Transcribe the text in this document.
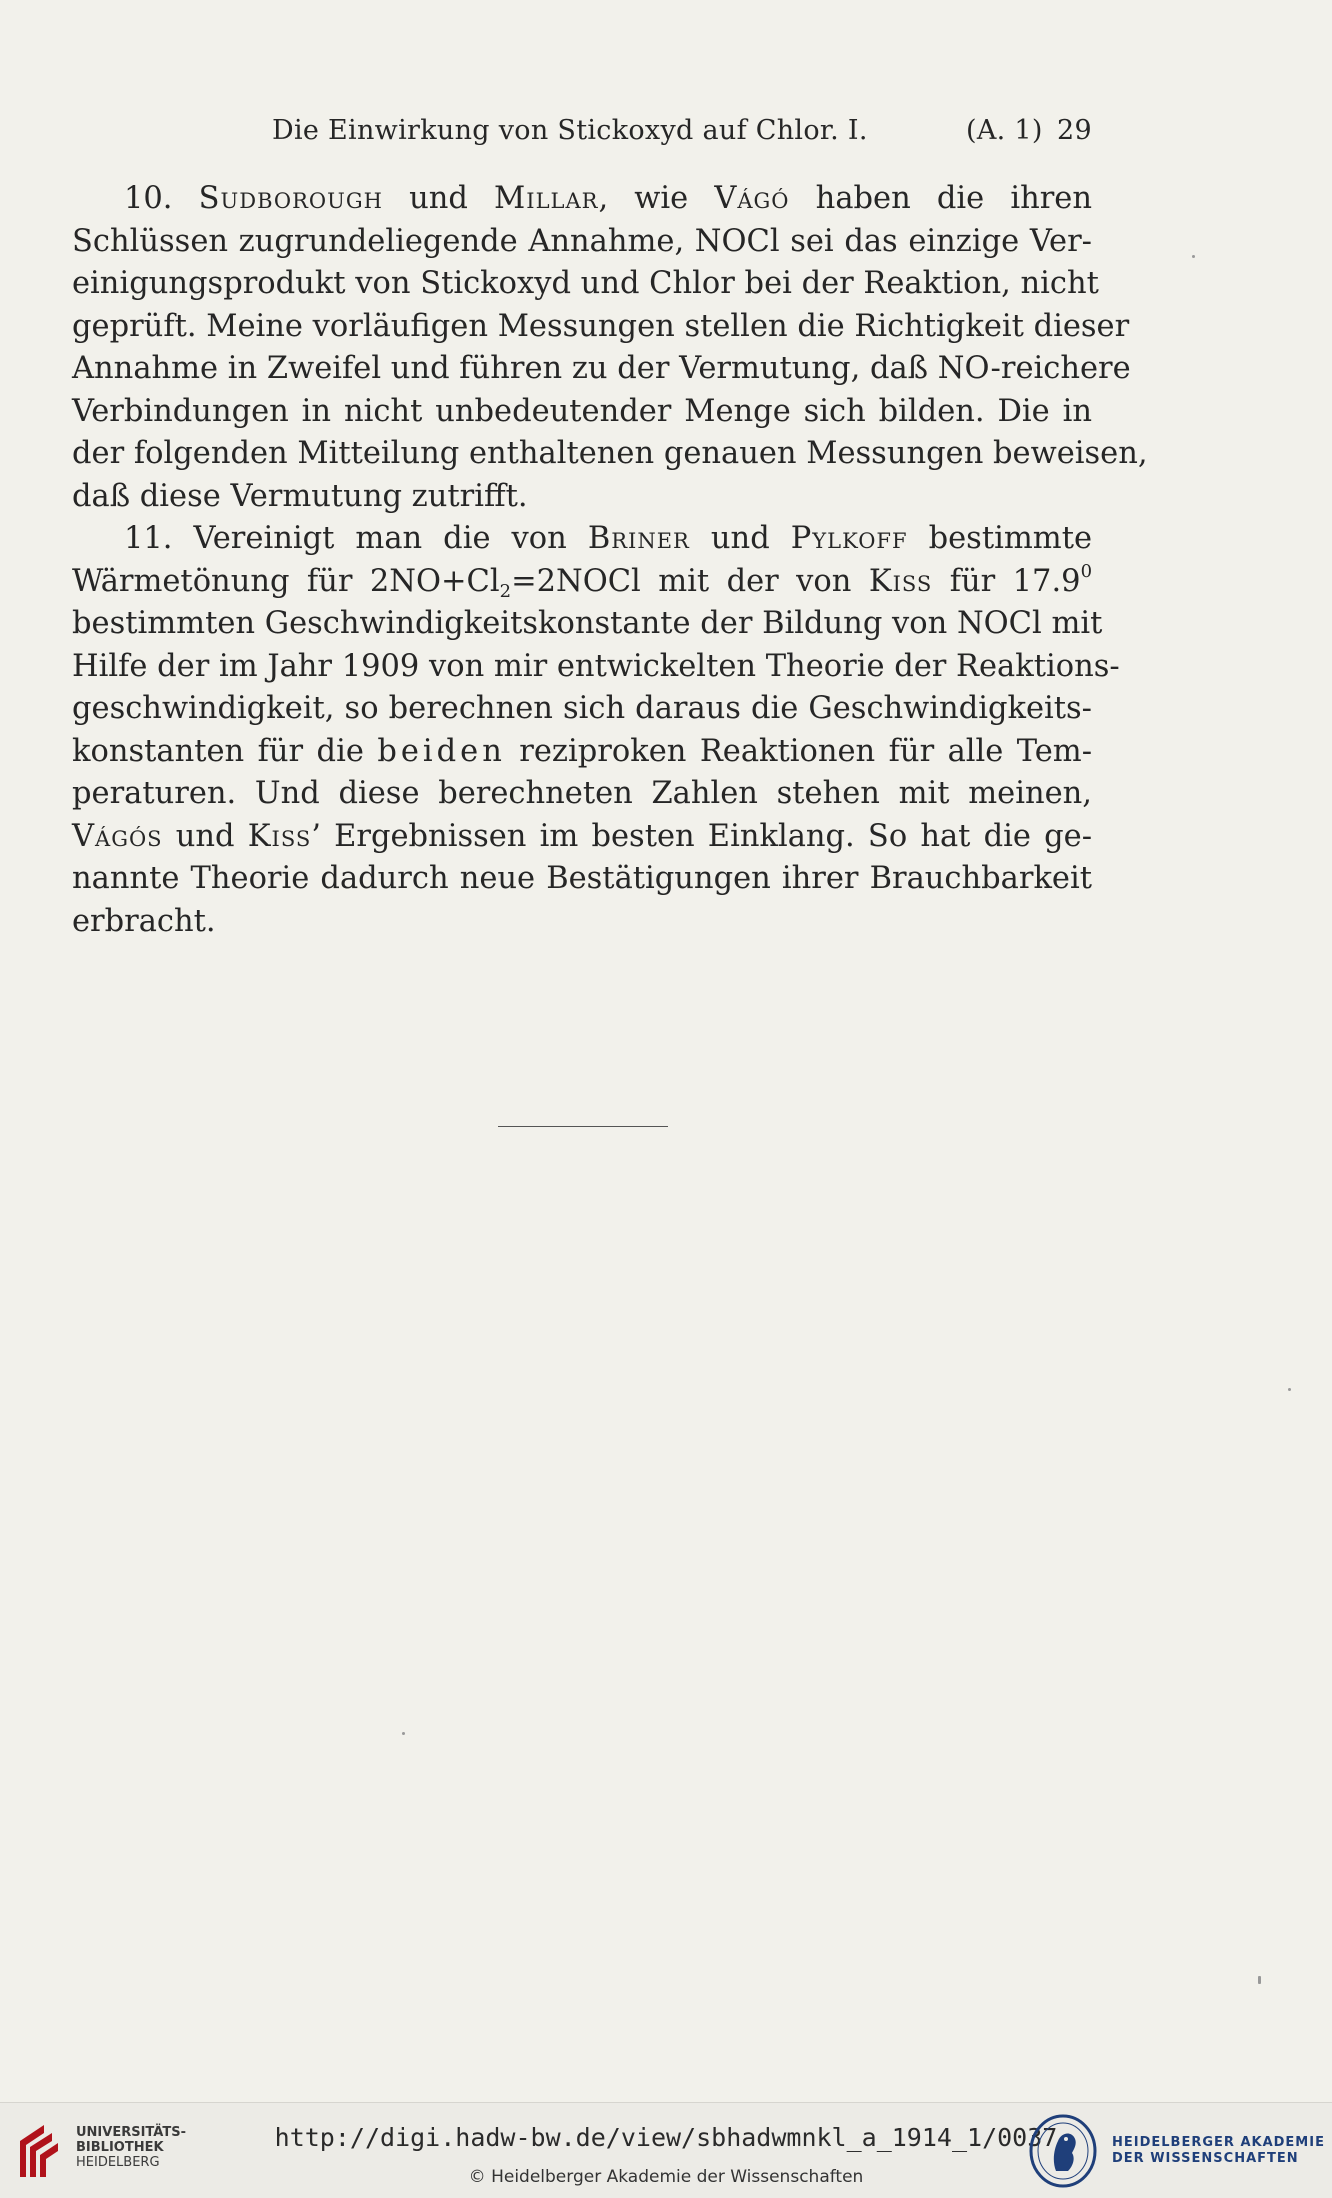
Die Einwirkung von Stickoxyd auf Chlor. I.	(A. 1) 29
10. Sudborough und Millar, wie Vágó haben die ihren
Schlüssen zugrundeliegende Annahme, NOCl sei das einzige Ver-
einigungsprodukt von Stickoxyd und Chlor bei der Reaktion, nicht
geprüft. Meine vorläufigen Messungen stellen die Richtigkeit dieser
Annahme in Zweifel und führen zu der Vermutung, daß NO-reichere
Verbindungen in nicht unbedeutender Menge sich bilden. Die in
der folgenden Mitteilung enthaltenen genauen Messungen beweisen,
daß diese Vermutung zutrifft.
11. Vereinigt man die von Briner und Pylkoff bestimmte
Wärmetönung für $2NO+Cl_2=2NOCl$ mit der von Kiss für 17.9$^0$
bestimmten Geschwindigkeitskonstante der Bildung von NOCl mit
Hilfe der im Jahr 1909 von mir entwickelten Theorie der Reaktions-
geschwindigkeit, so berechnen sich daraus die Geschwindigkeits-
konstanten für die beiden reziproken Reaktionen für alle Tem-
peraturen. Und diese berechneten Zahlen stehen mit meinen,
Vágós und Kiss’ Ergebnissen im besten Einklang. So hat die ge-
nannte Theorie dadurch neue Bestätigungen ihrer Brauchbarkeit
erbracht.
UNIVERSITÄTS-
BIBLIOTHEK
HEIDELBERG
http://digi.hadw-bw.de/view/sbhadwmnkl_a_1914_1/0037
© Heidelberger Akademie der Wissenschaften
HEIDELBERGER AKADEMIE
DER WISSENSCHAFTEN
